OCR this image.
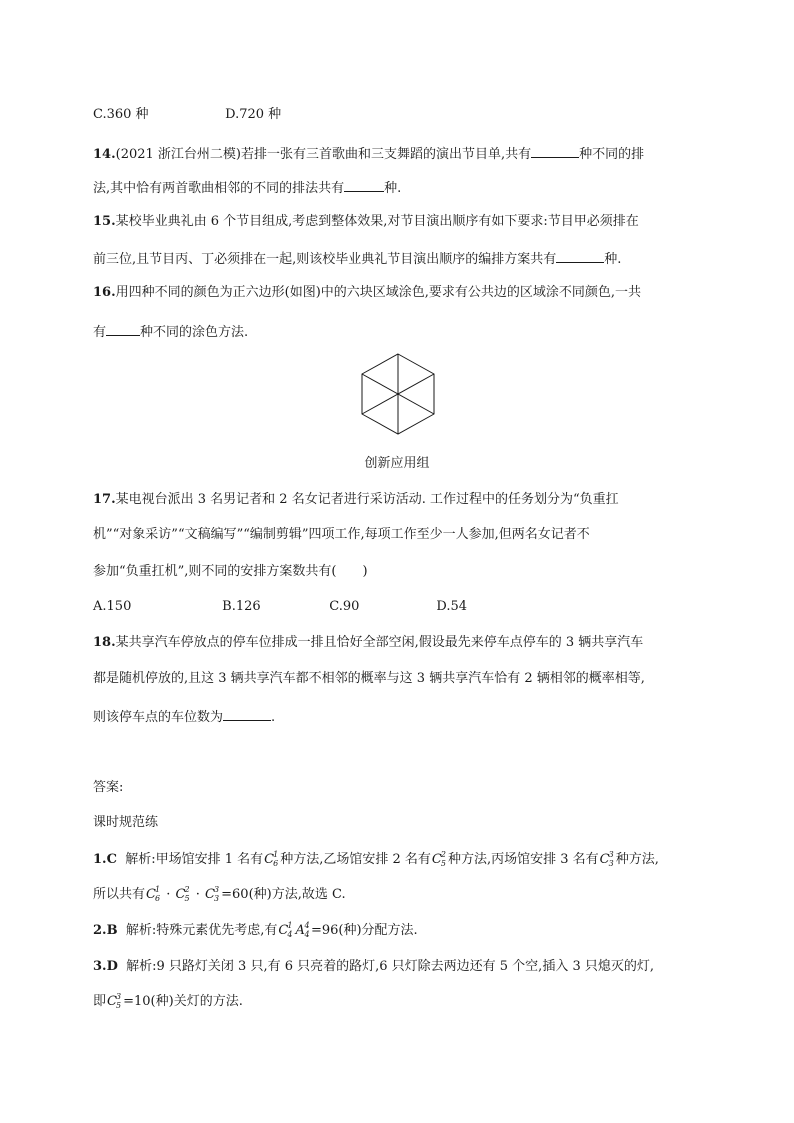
C.360 种	D.720 种
14.(2021 浙江台州二模)若排一张有三首歌曲和三支舞蹈的演出节目单,共有	种不同的排
法,其中恰有两首歌曲相邻的不同的排法共有	种.
15.某校毕业典礼由 6 个节目组成,考虑到整体效果,对节目演出顺序有如下要求:节目甲必须排在
前三位,且节目丙、丁必须排在一起,则该校毕业典礼节目演出顺序的编排方案共有	种.
16.用四种不同的颜色为正六边形(如图)中的六块区域涂色,要求有公共边的区域涂不同颜色,一共
有	种不同的涂色方法.
创新应用组
17.某电视台派出 3 名男记者和 2 名女记者进行采访活动. 工作过程中的任务划分为“负重扛
机”“对象采访”“文稿编写”“编制剪辑”四项工作,每项工作至少一人参加,但两名女记者不
参加“负重扛机”,则不同的安排方案数共有(　　)
A.150	B.126	C.90	D.54
18.某共享汽车停放点的停车位排成一排且恰好全部空闲,假设最先来停车点停车的 3 辆共享汽车
都是随机停放的,且这 3 辆共享汽车都不相邻的概率与这 3 辆共享汽车恰有 2 辆相邻的概率相等,
则该停车点的车位数为	.
答案:
课时规范练
1.C 解析:甲场馆安排 1 名有C 1
6 种方法,乙场馆安排 2 名有C 2
5 种方法,丙场馆安排 3 名有C 3
3 种方法,
所以共有C 1
6 · C 2
5 · C 3
3 =60(种)方法,故选 C.
2.B 解析:特殊元素优先考虑,有C 1
4 A 4
4 =96(种)分配方法.
3.D 解析:9 只路灯关闭 3 只,有 6 只亮着的路灯,6 只灯除去两边还有 5 个空,插入 3 只熄灭的灯,
即C 3
5 =10(种)关灯的方法.
